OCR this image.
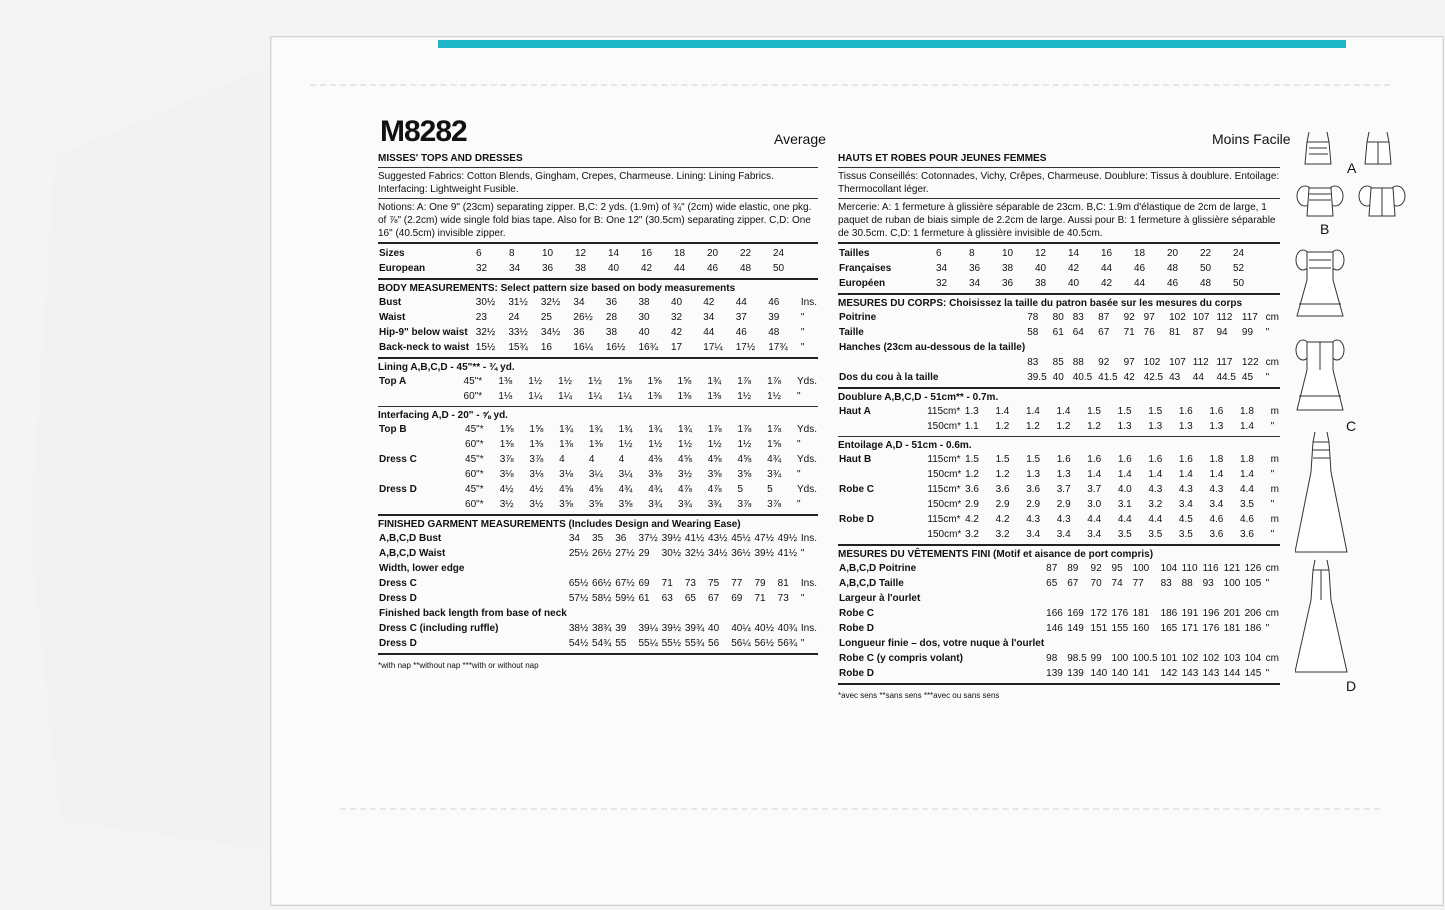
M8282	Average	Moins Facile
MISSES' TOPS AND DRESSES
Suggested Fabrics: Cotton Blends, Gingham, Crepes, Charmeuse. Lining: Lining Fabrics. Interfacing: Lightweight Fusible.
Notions: A: One 9" (23cm) separating zipper. B,C: 2 yds. (1.9m) of ¾" (2cm) wide elastic, one pkg. of ⅞" (2.2cm) wide single fold bias tape. Also for B: One 12" (30.5cm) separating zipper. C,D: One 16" (40.5cm) invisible zipper.
Sizes	6	8	10	12	14	16	18	20	22	24
European	32	34	36	38	40	42	44	46	48	50
BODY MEASUREMENTS: Select pattern size based on body measurements
Bust	30½	31½	32½	34	36	38	40	42	44	46	Ins.
Waist	23	24	25	26½	28	30	32	34	37	39	"
Hip-9" below waist	32½	33½	34½	36	38	40	42	44	46	48	"
Back-neck to waist	15½	15¾	16	16¼	16½	16¾	17	17¼	17½	17¾	"
Lining A,B,C,D - 45"** - ¾ yd.
Top A	45"*	1⅜	1½	1½	1½	1⅝	1⅝	1⅝	1¾	1⅞	1⅞	Yds.
	60"*	1⅛	1¼	1¼	1¼	1¼	1⅜	1⅜	1⅜	1½	1½	"
Interfacing A,D - 20" - ⅝ yd.
Top B	45"*	1⅝	1⅝	1¾	1¾	1¾	1¾	1¾	1⅞	1⅞	1⅞	Yds.
	60"*	1⅜	1⅜	1⅜	1⅜	1½	1½	1½	1½	1½	1⅝	"
Dress C	45"*	3⅞	3⅞	4	4	4	4⅜	4⅝	4⅝	4⅝	4¾	Yds.
	60"*	3⅛	3⅛	3⅛	3¼	3¼	3⅜	3½	3⅝	3⅝	3¾	"
Dress D	45"*	4½	4½	4⅝	4⅝	4¾	4¾	4⅞	4⅞	5	5	Yds.
	60"*	3½	3½	3⅝	3⅝	3⅝	3¾	3¾	3¾	3⅞	3⅞	"
FINISHED GARMENT MEASUREMENTS (Includes Design and Wearing Ease)
A,B,C,D Bust	34	35	36	37½	39½	41½	43½	45½	47½	49½	Ins.
A,B,C,D Waist	25½	26½	27½	29	30½	32½	34½	36½	39½	41½	"
Width, lower edge											
Dress C	65½	66½	67½	69	71	73	75	77	79	81	Ins.
Dress D	57½	58½	59½	61	63	65	67	69	71	73	"
Finished back length from base of neck											
Dress C (including ruffle)	38½	38¾	39	39¼	39½	39¾	40	40¼	40½	40¾	Ins.
Dress D	54½	54¾	55	55¼	55½	55¾	56	56¼	56½	56¾	"
*with nap **without nap ***with or without nap
HAUTS ET ROBES POUR JEUNES FEMMES
Tissus Conseillés: Cotonnades, Vichy, Crêpes, Charmeuse. Doublure: Tissus à doublure. Entoilage: Thermocollant léger.
Mercerie: A: 1 fermeture à glissière séparable de 23cm. B,C: 1.9m d'élastique de 2cm de large, 1 paquet de ruban de biais simple de 2.2cm de large. Aussi pour B: 1 fermeture à glissière séparable de 30.5cm. C,D: 1 fermeture à glissière invisible de 40.5cm.
Tailles	6	8	10	12	14	16	18	20	22	24
Françaises	34	36	38	40	42	44	46	48	50	52
Européen	32	34	36	38	40	42	44	46	48	50
MESURES DU CORPS: Choisissez la taille du patron basée sur les mesures du corps
Poitrine	78	80	83	87	92	97	102	107	112	117	cm
Taille	58	61	64	67	71	76	81	87	94	99	"
Hanches (23cm au-dessous de la taille)											
	83	85	88	92	97	102	107	112	117	122	cm
Dos du cou à la taille	39.5	40	40.5	41.5	42	42.5	43	44	44.5	45	"
Doublure A,B,C,D - 51cm** - 0.7m.
Haut A	115cm*	1.3	1.4	1.4	1.4	1.5	1.5	1.5	1.6	1.6	1.8	m
	150cm*	1.1	1.2	1.2	1.2	1.2	1.3	1.3	1.3	1.3	1.4	"
Entoilage A,D - 51cm - 0.6m.
Haut B	115cm*	1.5	1.5	1.5	1.6	1.6	1.6	1.6	1.6	1.8	1.8	m
	150cm*	1.2	1.2	1.3	1.3	1.4	1.4	1.4	1.4	1.4	1.4	"
Robe C	115cm*	3.6	3.6	3.6	3.7	3.7	4.0	4.3	4.3	4.3	4.4	m
	150cm*	2.9	2.9	2.9	2.9	3.0	3.1	3.2	3.4	3.4	3.5	"
Robe D	115cm*	4.2	4.2	4.3	4.3	4.4	4.4	4.4	4.5	4.6	4.6	m
	150cm*	3.2	3.2	3.4	3.4	3.4	3.5	3.5	3.5	3.6	3.6	"
MESURES DU VÊTEMENTS FINI (Motif et aisance de port compris)
A,B,C,D Poitrine	87	89	92	95	100	104	110	116	121	126	cm
A,B,C,D Taille	65	67	70	74	77	83	88	93	100	105	"
Largeur à l'ourlet											
Robe C	166	169	172	176	181	186	191	196	201	206	cm
Robe D	146	149	151	155	160	165	171	176	181	186	"
Longueur finie – dos, votre nuque à l'ourlet											
Robe C (y compris volant)	98	98.5	99	100	100.5	101	102	102	103	104	cm
Robe D	139	139	140	140	141	142	143	143	144	145	"
*avec sens **sans sens ***avec ou sans sens
A
B
C
D
